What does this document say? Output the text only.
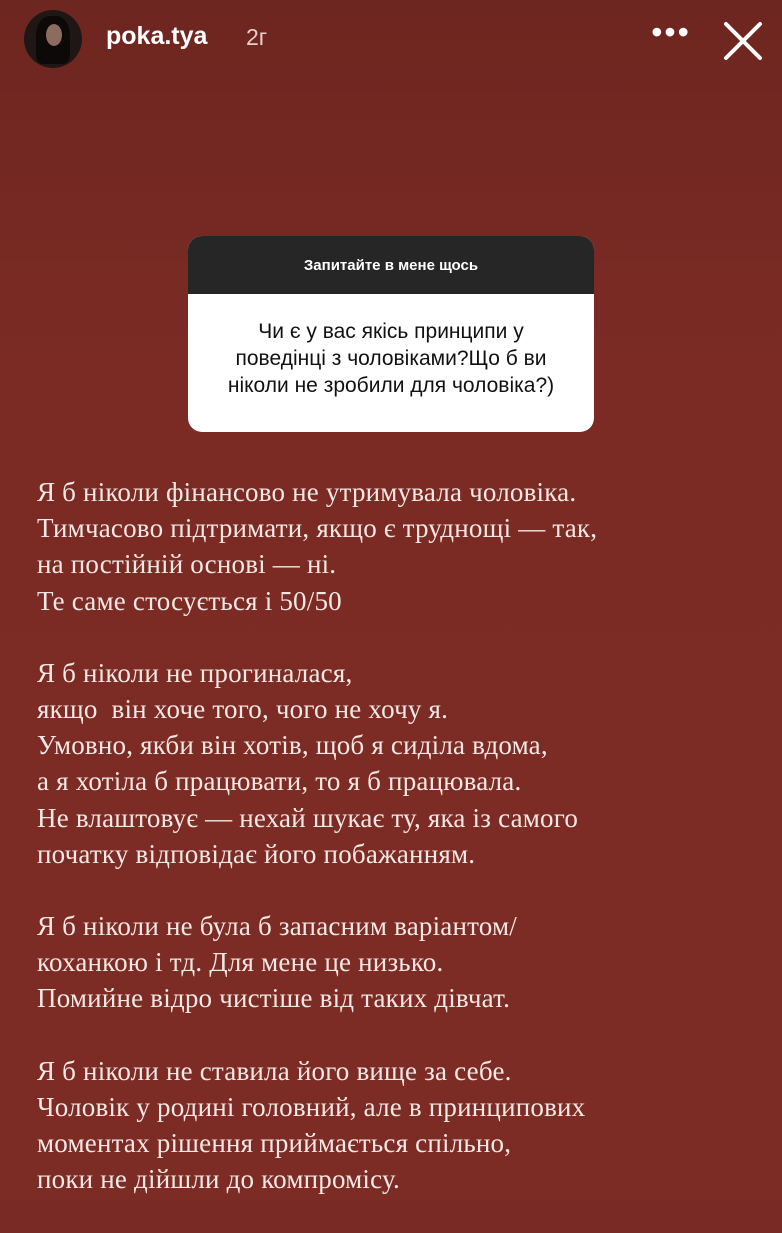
poka.tya 2г	•••
Запитайте в мене щось
Чи є у вас якісь принципи у
поведінці з чоловіками?Що б ви
ніколи не зробили для чоловіка?)
Я б ніколи фінансово не утримувала чоловіка.
Тимчасово підтримати, якщо є труднощі — так,
на постійній основі — ні.
Те саме стосується і 50/50
Я б ніколи не прогиналася,
якщо  він хоче того, чого не хочу я.
Умовно, якби він хотів, щоб я сиділа вдома,
а я хотіла б працювати, то я б працювала.
Не влаштовує — нехай шукає ту, яка із самого
початку відповідає його побажанням.
Я б ніколи не була б запасним варіантом/
коханкою і тд. Для мене це низько.
Помийне відро чистіше від таких дівчат.
Я б ніколи не ставила його вище за себе.
Чоловік у родині головний, але в принципових
моментах рішення приймається спільно,
поки не дійшли до компромісу.
